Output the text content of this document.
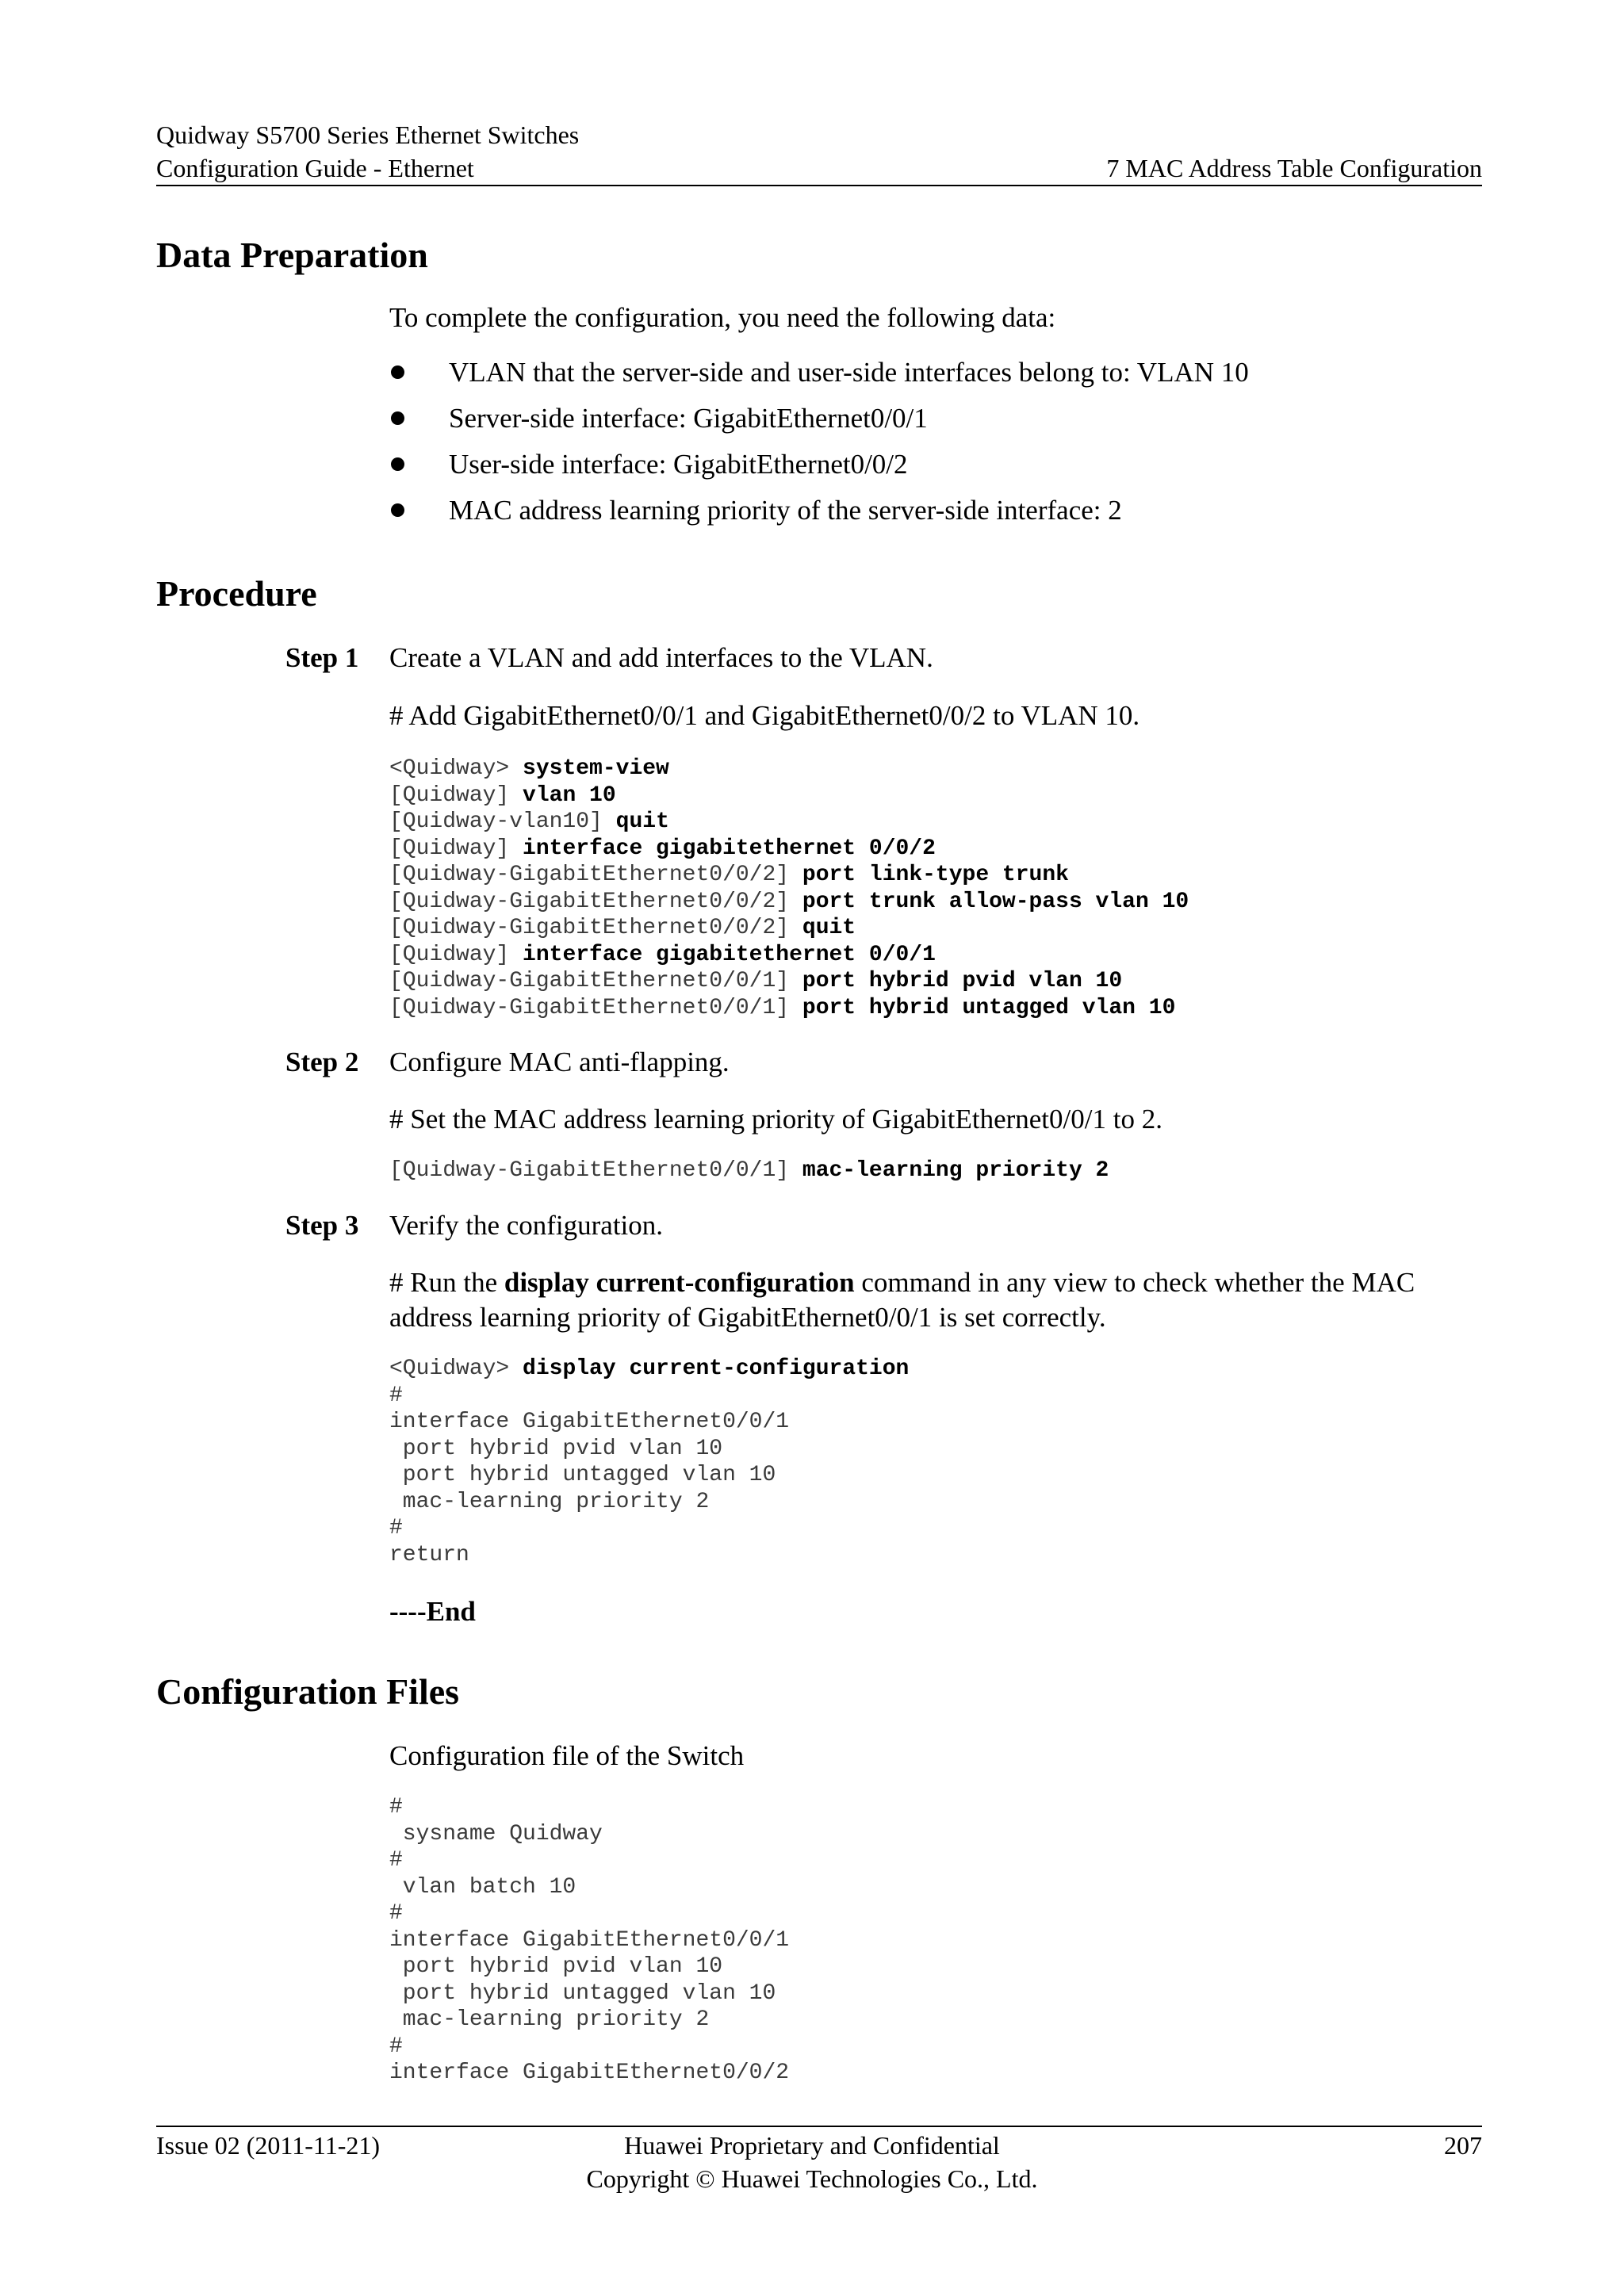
Quidway S5700 Series Ethernet Switches
Configuration Guide - Ethernet	7 MAC Address Table Configuration
Data Preparation

To complete the configuration, you need the following data:

VLAN that the server-side and user-side interfaces belong to: VLAN 10
Server-side interface: GigabitEthernet0/0/1
User-side interface: GigabitEthernet0/0/2
MAC address learning priority of the server-side interface: 2
Procedure
Step 1 Create a VLAN and add interfaces to the VLAN.

# Add GigabitEthernet0/0/1 and GigabitEthernet0/0/2 to VLAN 10.

<Quidway> system-view
[Quidway] vlan 10
[Quidway-vlan10] quit
[Quidway] interface gigabitethernet 0/0/2
[Quidway-GigabitEthernet0/0/2] port link-type trunk
[Quidway-GigabitEthernet0/0/2] port trunk allow-pass vlan 10
[Quidway-GigabitEthernet0/0/2] quit
[Quidway] interface gigabitethernet 0/0/1
[Quidway-GigabitEthernet0/0/1] port hybrid pvid vlan 10
[Quidway-GigabitEthernet0/0/1] port hybrid untagged vlan 10
Step 2 Configure MAC anti-flapping.

# Set the MAC address learning priority of GigabitEthernet0/0/1 to 2.

[Quidway-GigabitEthernet0/0/1] mac-learning priority 2
Step 3 Verify the configuration.

# Run the display current-configuration command in any view to check whether the MAC
address learning priority of GigabitEthernet0/0/1 is set correctly.

<Quidway> display current-configuration
#
interface GigabitEthernet0/0/1
port hybrid pvid vlan 10
port hybrid untagged vlan 10
mac-learning priority 2
#
return
----End
Configuration Files

Configuration file of the Switch

#
sysname Quidway
#
vlan batch 10
#
interface GigabitEthernet0/0/1
port hybrid pvid vlan 10
port hybrid untagged vlan 10
mac-learning priority 2
#
interface GigabitEthernet0/0/2
Issue 02 (2011-11-21)	Huawei Proprietary and Confidential
Copyright © Huawei Technologies Co., Ltd.
207
